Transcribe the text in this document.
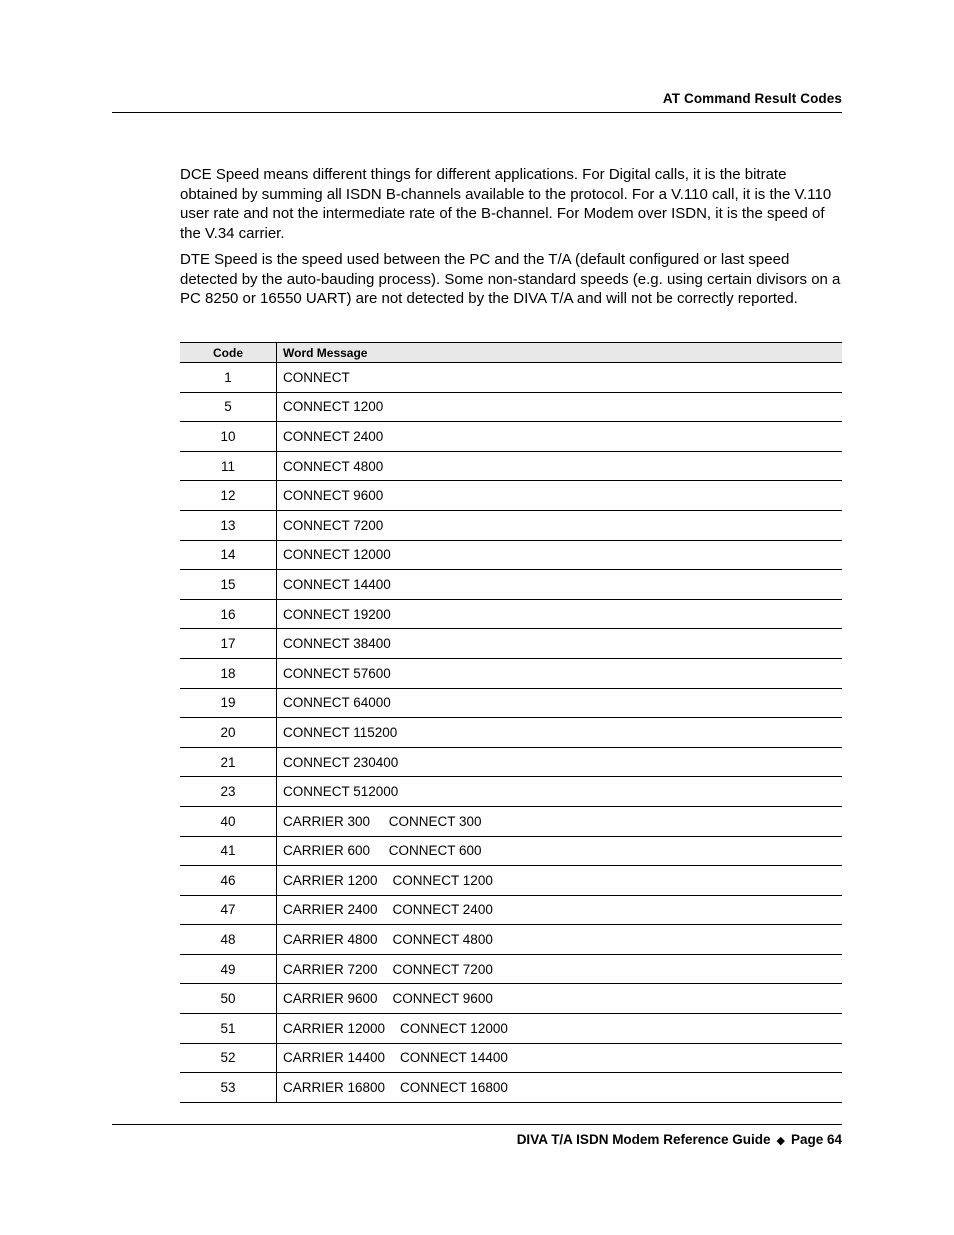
AT Command Result Codes

DCE Speed means different things for different applications. For Digital calls, it is the bitrate obtained by summing all ISDN B-channels available to the protocol. For a V.110 call, it is the V.110 user rate and not the intermediate rate of the B-channel. For Modem over ISDN, it is the speed of the V.34 carrier.

DTE Speed is the speed used between the PC and the T/A (default configured or last speed detected by the auto-bauding process). Some non-standard speeds (e.g. using certain divisors on a PC 8250 or 16550 UART) are not detected by the DIVA T/A and will not be correctly reported.

Code	Word Message
1	CONNECT
5	CONNECT 1200
10	CONNECT 2400
11	CONNECT 4800
12	CONNECT 9600
13	CONNECT 7200
14	CONNECT 12000
15	CONNECT 14400
16	CONNECT 19200
17	CONNECT 38400
18	CONNECT 57600
19	CONNECT 64000
20	CONNECT 115200
21	CONNECT 230400
23	CONNECT 512000
40	CARRIER 300     CONNECT 300
41	CARRIER 600     CONNECT 600
46	CARRIER 1200    CONNECT 1200
47	CARRIER 2400    CONNECT 2400
48	CARRIER 4800    CONNECT 4800
49	CARRIER 7200    CONNECT 7200
50	CARRIER 9600    CONNECT 9600
51	CARRIER 12000    CONNECT 12000
52	CARRIER 14400    CONNECT 14400
53	CARRIER 16800    CONNECT 16800
DIVA T/A ISDN Modem Reference Guide ◆ Page 64
